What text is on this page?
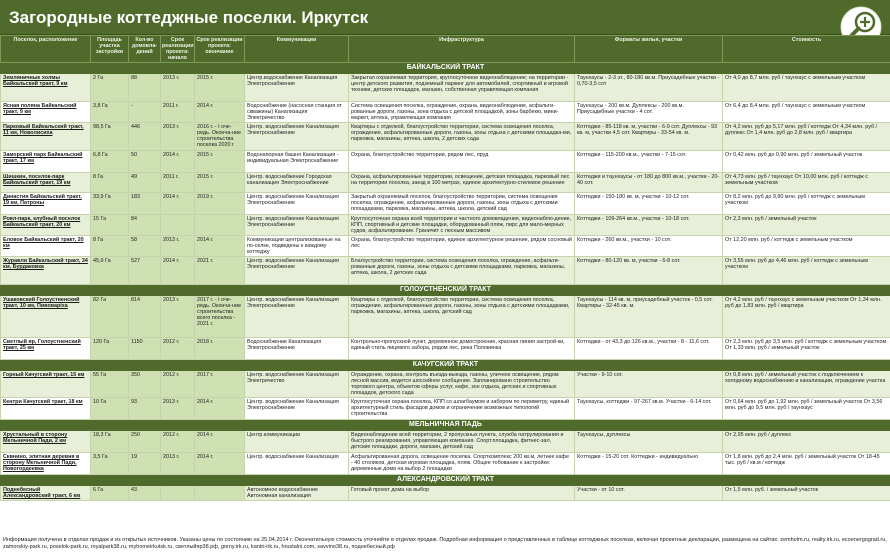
Загородные коттеджные поселки. Иркутск
Поселок, расположение	Площадь участка застройки	Кол-во домовла-дений	Срок реализации проекта: начало	Срок реализации проекта: окончание	Коммуникации	Инфраструктура	Форматы жилья, участки	Стоимость
БАЙКАЛЬСКИЙ ТРАКТ								
Земляничные холмы Байкальский тракт, 9 км	2 Га	88	2013 г.	2015 г.	Центр.водоснабжение Канализация Электроснабжение	Закрытая охраняемая территория, круглосуточное видеонаблюдение; на территории - центр детского развития, подземный паркинг для автомобилей, спортивный и игровой техники, детских площадок, магазин, собственная управляющая компания	Таунхаусы - 2-3 эт., 80-180 кв.м. Приусадебные участки - 0,70-3,5 сот	От 4,0 до 8,7 млн. руб / таунхаус с земельным участком
Ясная поляна Байкальский тракт, 9 км	3,8 Га	-	2011 г.	2014 г.	Водоснабжение (насосная станция от скважины) Канализация Электричество	Система освещения поселка, ограждение, охрана, видеонаблюдение, асфальти-рованные дороги, газоны, зона отдыха с детской площадкой, зоны барбекю, мини-маркет, аптека, управляющая компания	Таунхаусы - 200 кв.м. Дуплексы - 200 кв.м. Приусадебные участки - 4 сот.	От 6,4 до 8,4 млн. руб / таунхаус с земельным участком
Парковый Байкальский тракт, 11 км, Новолисиха	98,5 Га	446	2013 г.	2016 г. - I оче-редь. Оконча-ние строительства поселка 2020 г	Центр. водоснабжение Канализация Электроснабжение	Квартиры с отделкой, благоустройство территории, система освещения поселка, ограждение, асфальтированные дороги, газоны, зоны отдыха с детскими площадка-ми, парковка, магазины, аптека, школа, 2 детских сада	Коттеджи - 85-118 кв. м, участки - 6-9 сот. Дуплексы - 93 кв. м, участки 4,5 сот. Квартиры - 33-54 кв. м.	От 4,2 млн. руб до 5,17 млн. руб / коттедж От 4,34 млн. руб / дуплекс От 1,4 млн. руб до 2,8 млн. руб / квартира
Заморский парк Байкальский тракт, 17 км	6,8 Га	50	2014 г.	2015 г.	Водонапорная башня Канализация - индивидуальная Электроснабжение	Охрана, благоустройство территории, рядом лес, пруд	Коттеджи - 115-200 кв.м., участки - 7-15 сот.	От 0,42 млн. руб до 0,90 млн. руб / земельный участок
Шишкин, поселок-парк Байкальский тракт, 19 км	8 Га	49	2011 г.	2015 г.	Центр. водоснабжение Городская канализация Электроснабжение	Охрана, асфальтированные территории, освещение, детская площадка, парковый лес на территории поселка, заезд в 100 метрах, единое архитектурно-стилевое решение	Коттеджи и таунхаусы - от 180 до 800 кв.м., участки - 20-40 сот.	От 4,73 млн. руб / таунхаус От 10,00 млн. руб / коттедж с земельным участком
Династия Байкальский тракт, 19 км, Патроны	33,9 Га	183	2014 г.	2019 г.	Центр. водоснабжение Канализация Электроснабжение	Закрытый охраняемый поселок, благоустройство территории, система освещения поселка, ограждение, асфальтированные дороги, газоны, зоны отдыха с детскими площадками, парковка, магазины, аптека, школа, детский сад	Коттеджи - 150-180 кв. м, участки - 10-12 сот.	От 8,2 млн. руб до 9,90 млн. руб / коттедж с земельным участком
Роял-парк, клубный поселок Байкальский тракт, 20 км	15 Га	84			Центр. водоснабжение Канализация Электроснабжение	Круглосуточная охрана всей территории и частного домовладения, видеонаблю-дение, КПП, спортивный и детские площадки, оборудованный пляж, пирс для мало-мерных судов, асфальтирование. Граничит с лесным массивом	Коттеджи - 109-264 кв.м., участки - 10-18 сот.	От 2,3 млн. руб / земельный участок
Еловое Байкальский тракт, 20 км	8 Га	58	2013 г.	2014 г.	Коммуникации централизованные на по-селке, подведены к каждому коттеджу	Охрана, благоустройство территории, единое архитектурное решение, рядом сосновый лес	Коттеджи - 260 кв.м., участки - 10 сот.	От 12,20 млн. руб / коттедж с земельным участком
Журавли Байкальский тракт, 34 км, Бурдаковка	45,9 Га	527	2014 г.	2021 г.	Центр. водоснабжение Канализация Электроснабжение	Благоустройство территории, система освещения поселка, ограждение, асфальти-рованные дороги, газоны, зоны отдыха с детскими площадками, парковка, магазины, аптека, школа, 2 детских сада	Коттеджи - 80-120 кв. м, участки - 6-8 сот.	От 3,55 млн. руб до 4,46 млн. руб / коттедж с земельным участком
ГОЛОУСТНЕНСКИЙ ТРАКТ								
Ушаковский Голоустненский тракт, 10 км, Пивоварiха	82 Га	814	2013 г.	2017 г. - I оче-редь. Оконча-ние строительства всего поселка - 2021 г.	Центр. водоснабжение Канализация Электроснабжение	Квартиры с отделкой, благоустройство территории, система освещения поселка, ограждение, асфальтированные дороги, газоны, зоны отдыха с детскими площадками, парковка, магазины, аптека, школа, детский сад	Таунхаусы - 114 кв. м, приусадебный участок - 0,5 сот. Квартиры - 32-45 кв. м.	От 4,2 млн. руб / таунхаус с земельным участком От 1,34 млн. руб до 1,83 млн. руб / квартира
Светлый яр, Голоустненский тракт, 25 км	120 Га	1150	2012 г.	2018 г.	Водоснабжение Канализация Электроснабжение	Контрольно-пропускной пункт, деревянное домостроение, красная линия застрой-ки, единый стиль лицевого забора, рядом лес, река Половинка	Коттеджи - от 43,3 до 126 кв.м., участки - 8 - 11,6 сот.	От 2,3 млн. руб до 3,5 млн. руб / коттедж с земельным участком От 1,33 млн. руб / земельный участок
КАЧУГСКИЙ ТРАКТ								
Горный Качугский тракт, 15 км	55 Га	350	2012 г.	2017 г.	Центр. водоснабжение Канализация Электричество	Ограждение, охрана, контроль въезда-выезда, газоны, уличное освещение, рядом лесной массив, ведется шоссейное сообщение. Запланировано строительство торгового центра, объектов сферы услуг, кафе, зон отдыха, детских и спортивных площадок, детского сада	Участки - 9-10 сот.	От 0,8 млн. руб / земельный участок с подключением к холодному водоснабжению и канализации, ограждение участка
Кентри Качугский тракт, 18 км	10 Га	93	2013 г.	2014 г.	Центр. водоснабжение Канализация Электроснабжение	Круглосуточная охрана поселка, КПП со шлагбаумом и забором по периметру, единый архитектурный стиль фасадов домов и ограничение возможных типологий строительства	Таунхаусы, коттеджи - 97-267 кв.м. Участки - 6-14 сот.	От 0,64 млн. руб до 1,92 млн. руб / земельный участок От 3,56 млн. руб до 9,5 млн. руб / таунхаус
МЕЛЬНИЧНАЯ ПАДЬ								
Хрустальный в сторону Мельничной Пади, 2 км	18,3 Га	250	2012 г.	2014 г.	Центр.коммуникации	Видеонаблюдение всей территории, 2 пропускных пункта, служба патрулирования и быстрого реагирования, управляющая компания. Спорт.площадка, фитнес-зал, детские площадки, дороги, магазин, детский сад	Таунхаусы, дуплексы	От 2,95 млн. руб / дуплекс
Сквнино, элитная деревня в сторону Мельничной Пади, Новогордеевка	3,5 Га	19	2013 г.	2014 г.	Центр. водоснабжение Канализация	Асфальтированная дорога, освещение поселка. Спорткомплекс 200 кв.м, летнее кафе - 40 столиков, детская игровая площадка, пляж. Общее тобование к застройке: деревянные дома на выбор 2 площадки	Коттеджи - 15-20 сот. Коттеджи - индивидуально	От 1,8 млн. руб до 2,4 млн. руб / земельный участок От 18-45 тыс. руб / кв.м / коттедж
АЛЕКСАНДРОВСКИЙ ТРАКТ								
Поднебесный Александровский тракт, 6 км	6 Га	43			Автономное водоснабжение Автономная канализация	Готовый проект дома на выбор	Участки - от 10 сот.	От 1,5 млн. руб. / земельный участок
Информация получена в отделах продаж и из открытых источников. Указаны цены по состоянию на 25.04.2014 г. Окончательную стоимость уточняйте в отделах продаж. Подробная информация о представленных в таблице коттеджных поселках, включая проектные декларации, размещена на сайтах: zemholm.ru, realty.irk.ru, ecoenergograd.ru, zamorskiy-park.ru, poselok-park.ru, royalpark38.ru, myhomeirkutsk.ru, светлыйяр38.рф, gorny.irk.ru, kantri-irk.ru, hrustalni.com, savvino38.ru, поднебесный.рф
